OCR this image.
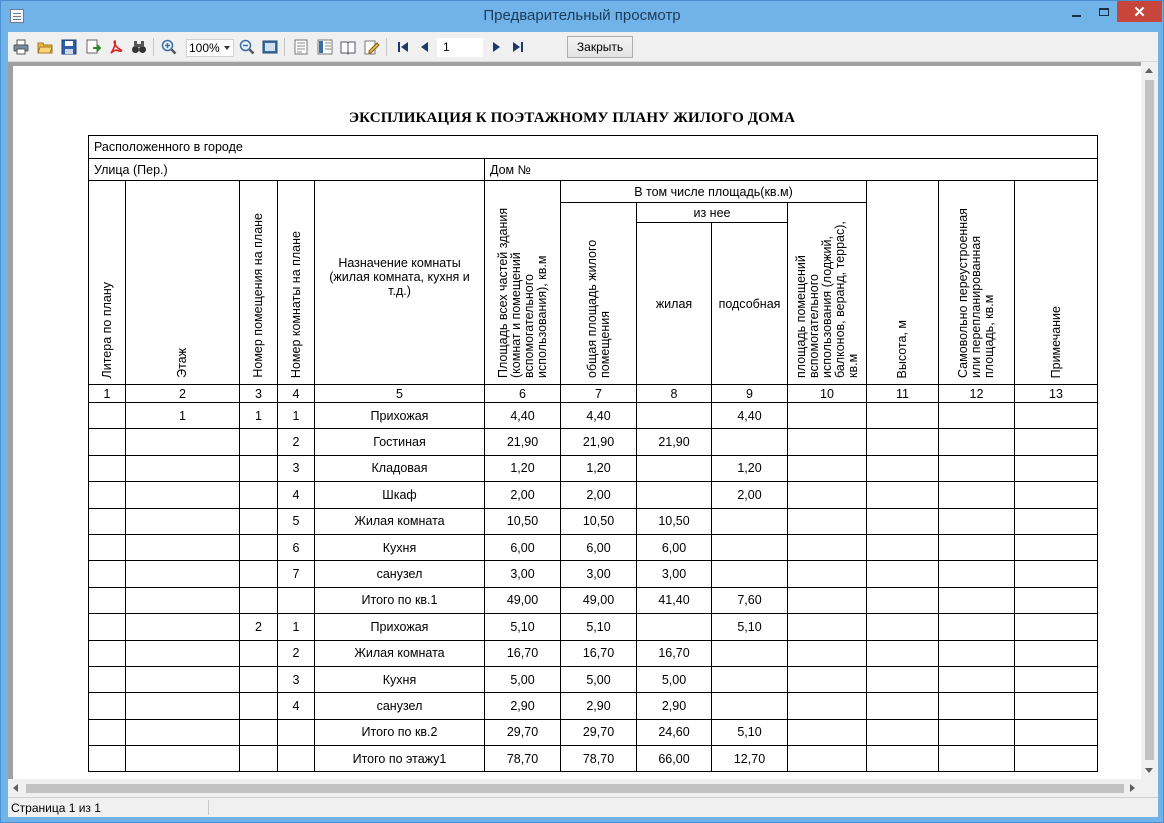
Предварительный просмотр	✕
100%	1	Закрыть
ЭКСПЛИКАЦИЯ К ПОЭТАЖНОМУ ПЛАНУ ЖИЛОГО ДОМА
Расположенного в городе												
Улица (Пер.)					Дом №							
Литера по плану	Этаж	Номер помещения на плане	Номер комнаты на плане	Назначение комнаты (жилая комната, кухня и т.д.)	Площадь всех частей здания (комнат и помещений вспомогательного использования), кв.м	В том числе площадь(кв.м)				Высота, м	Самовольно переустроенная или перепланированная площадь, кв.м	Примечание
						общая площадь жилого помещения	из нее		площадь помещений вспомогательного использования (лоджий, балконов, веранд, террас), кв.м			
							жилая	подсобная				
1	2	3	4	5	6	7	8	9	10	11	12	13
	1	1	1	Прихожая	4,40	4,40		4,40				
			2	Гостиная	21,90	21,90	21,90					
			3	Кладовая	1,20	1,20		1,20				
			4	Шкаф	2,00	2,00		2,00				
			5	Жилая комната	10,50	10,50	10,50					
			6	Кухня	6,00	6,00	6,00					
			7	санузел	3,00	3,00	3,00					
				Итого по кв.1	49,00	49,00	41,40	7,60				
		2	1	Прихожая	5,10	5,10		5,10				
			2	Жилая комната	16,70	16,70	16,70					
			3	Кухня	5,00	5,00	5,00					
			4	санузел	2,90	2,90	2,90					
				Итого по кв.2	29,70	29,70	24,60	5,10				
				Итого по этажу1	78,70	78,70	66,00	12,70				
Страница 1 из 1
